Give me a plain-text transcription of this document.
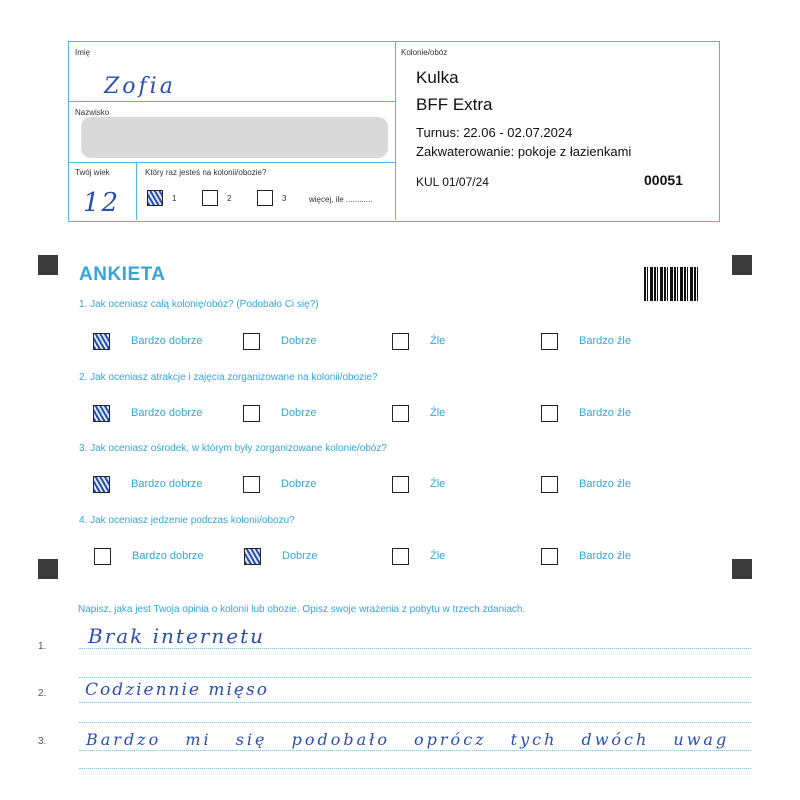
Imię
Zofia
Nazwisko
Twój wiek
12
Który raz jesteś na kolonii/obozie?
1	2	3	więcej, ile ............
Kolonie/obóz
Kulka
BFF Extra
Turnus: 22.06 - 02.07.2024
Zakwaterowanie: pokoje z łazienkami
KUL 01/07/24	00051
ANKIETA
1. Jak oceniasz całą kolonię/obóz? (Podobało Ci się?)
Bardzo dobrze	Dobrze	Źle	Bardzo źle
2. Jak oceniasz atrakcje i zajęcia zorganizowane na kolonii/obozie?
Bardzo dobrze	Dobrze	Źle	Bardzo źle
3. Jak oceniasz ośrodek, w którym były zorganizowane kolonie/obóz?
Bardzo dobrze	Dobrze	Źle	Bardzo źle
4. Jak oceniasz jedzenie podczas kolonii/obozu?
Bardzo dobrze	Dobrze	Źle	Bardzo źle
Napisz, jaka jest Twoja opinia o kolonii lub obozie. Opisz swoje wrażenia z pobytu w trzech zdaniach.
1. Brak internetu
2. Codziennie mięso
3. Bardzo mi się podobało oprócz tych dwóch uwag
